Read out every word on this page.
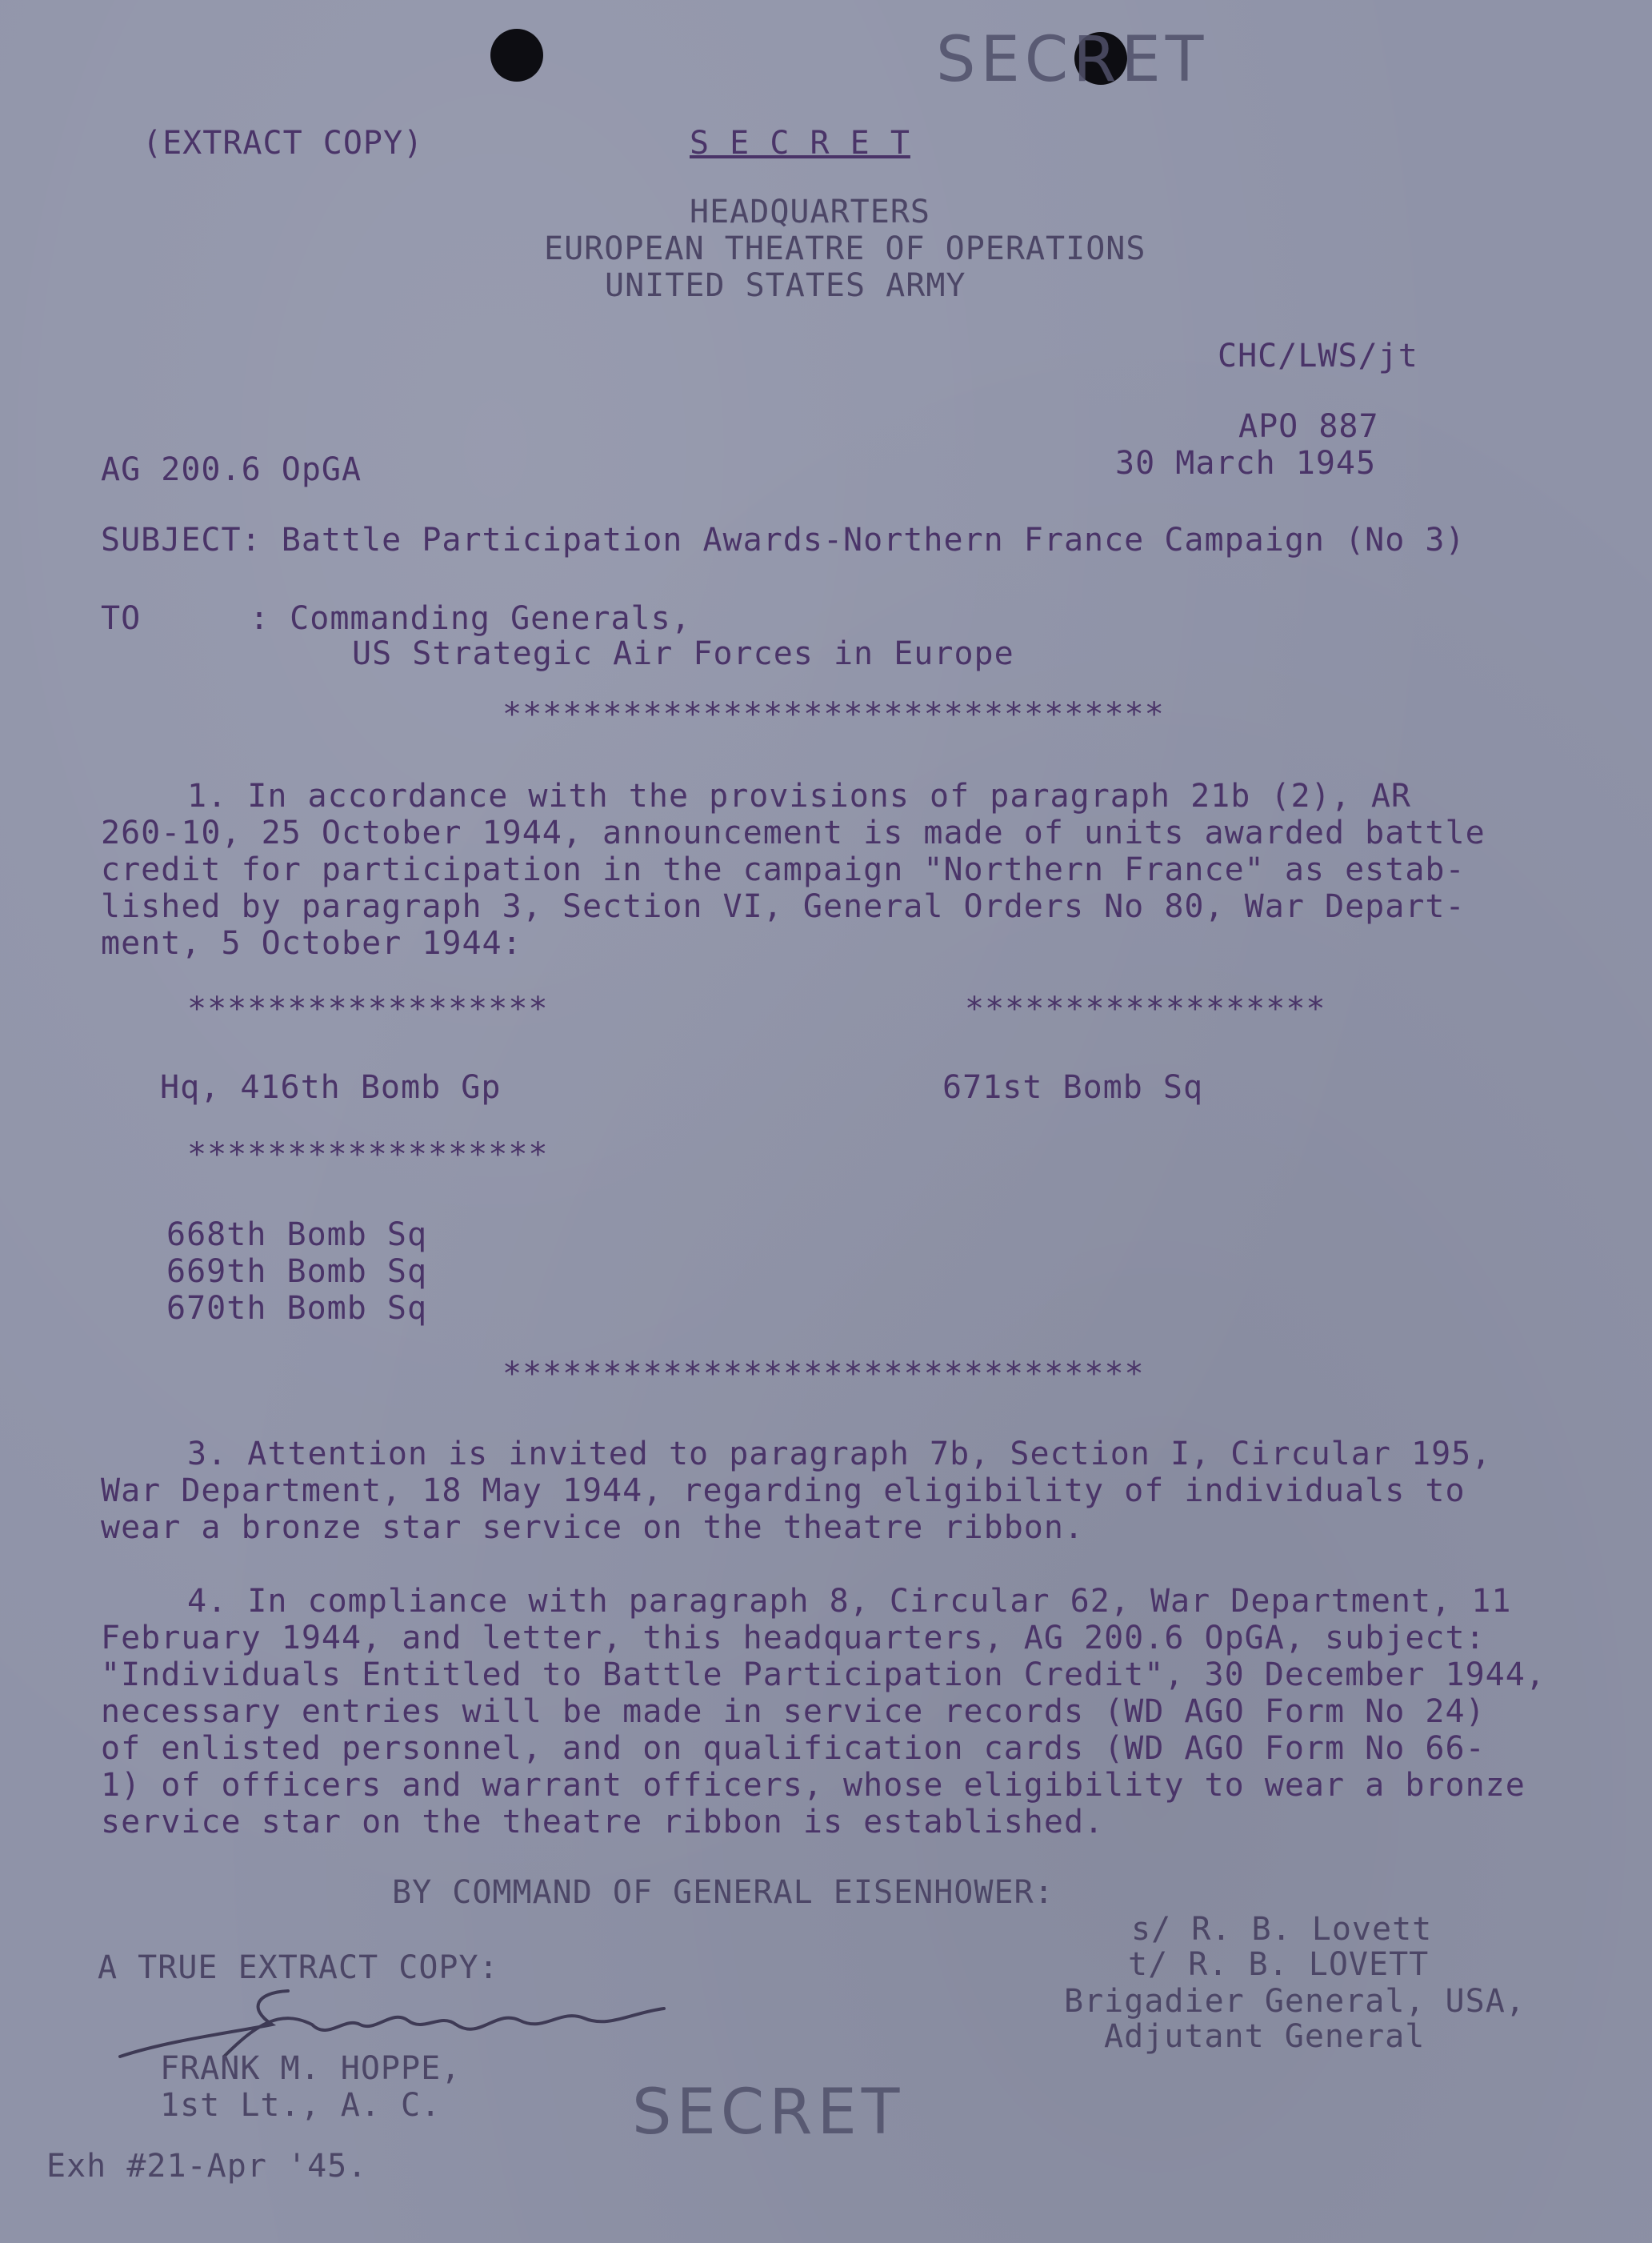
SECRET
SECRET
(EXTRACT COPY)	S E C R E T
HEADQUARTERS
EUROPEAN THEATRE OF OPERATIONS
UNITED STATES ARMY
CHC/LWS/jt
APO 887
30 March 1945
AG 200.6 OpGA
SUBJECT: Battle Participation Awards-Northern France Campaign (No 3)
TO	: Commanding Generals,
US Strategic Air Forces in Europe
*********************************
1. In accordance with the provisions of paragraph 21b (2), AR
260-10, 25 October 1944, announcement is made of units awarded battle
credit for participation in the campaign "Northern France" as estab-
lished by paragraph 3, Section VI, General Orders No 80, War Depart-
ment, 5 October 1944:
******************	******************
Hq, 416th Bomb Gp	671st Bomb Sq
******************
668th Bomb Sq
669th Bomb Sq
670th Bomb Sq
********************************
3. Attention is invited to paragraph 7b, Section I, Circular 195,
War Department, 18 May 1944, regarding eligibility of individuals to
wear a bronze star service on the theatre ribbon.
4. In compliance with paragraph 8, Circular 62, War Department, 11
February 1944, and letter, this headquarters, AG 200.6 OpGA, subject:
"Individuals Entitled to Battle Participation Credit", 30 December 1944,
necessary entries will be made in service records (WD AGO Form No 24)
of enlisted personnel, and on qualification cards (WD AGO Form No 66-
1) of officers and warrant officers, whose eligibility to wear a bronze
service star on the theatre ribbon is established.
BY COMMAND OF GENERAL EISENHOWER:
s/ R. B. Lovett
t/ R. B. LOVETT
Brigadier General, USA,
Adjutant General
A TRUE EXTRACT COPY:
FRANK M. HOPPE,
1st Lt., A. C.
Exh #21-Apr '45.
